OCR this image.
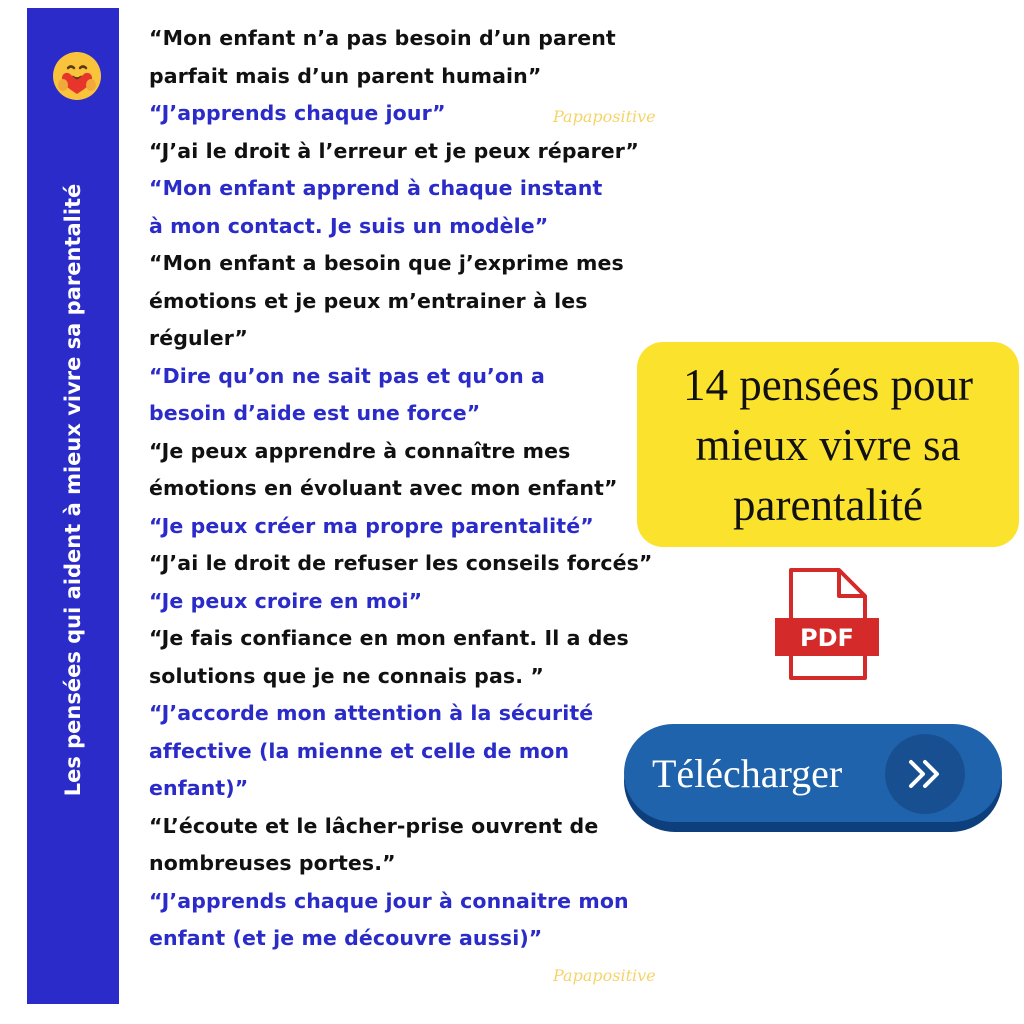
Les pensées qui aident à mieux vivre sa parentalité

“Mon enfant n’a pas besoin d’un parent
parfait mais d’un parent humain”

“J’apprends chaque jour”

“J’ai le droit à l’erreur et je peux réparer”

“Mon enfant apprend à chaque instant
à mon contact. Je suis un modèle”

“Mon enfant a besoin que j’exprime mes
émotions et je peux m’entrainer à les
réguler”

“Dire qu’on ne sait pas et qu’on a
besoin d’aide est une force”

“Je peux apprendre à connaître mes
émotions en évoluant avec mon enfant”

“Je peux créer ma propre parentalité”

“J’ai le droit de refuser les conseils forcés”

“Je peux croire en moi”

“Je fais confiance en mon enfant. Il a des
solutions que je ne connais pas. ”

“J’accorde mon attention à la sécurité
affective (la mienne et celle de mon
enfant)”

“L’écoute et le lâcher-prise ouvrent de
nombreuses portes.”

“J’apprends chaque jour à connaitre mon
enfant (et je me découvre aussi)”

Papapositive
Papapositive
14 pensées pour
mieux vivre sa
parentalité
PDF
Télécharger
